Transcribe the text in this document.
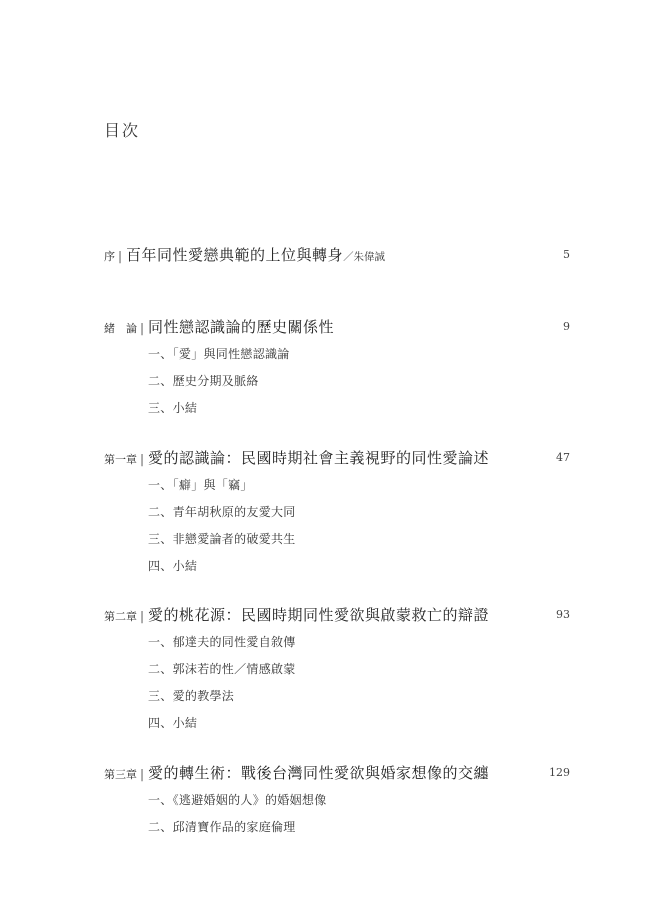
目次
序 | 百年同性愛戀典範的上位與轉身 ／朱偉誠	5
緒　論 | 同性戀認識論的歷史關係性	9
一、「愛」與同性戀認識論
二、歷史分期及脈絡
三、小結
第一章 | 愛的認識論：民國時期社會主義視野的同性愛論述	47
一、「癖」與「竊」
二、青年胡秋原的友愛大同
三、非戀愛論者的破愛共生
四、小結
第二章 | 愛的桃花源：民國時期同性愛欲與啟蒙救亡的辯證	93
一、郁達夫的同性愛自敘傳
二、郭沫若的性／情感啟蒙
三、愛的教學法
四、小結
第三章 | 愛的轉生術：戰後台灣同性愛欲與婚家想像的交纏	129
一、《逃避婚姻的人》的婚姻想像
二、邱清寶作品的家庭倫理
